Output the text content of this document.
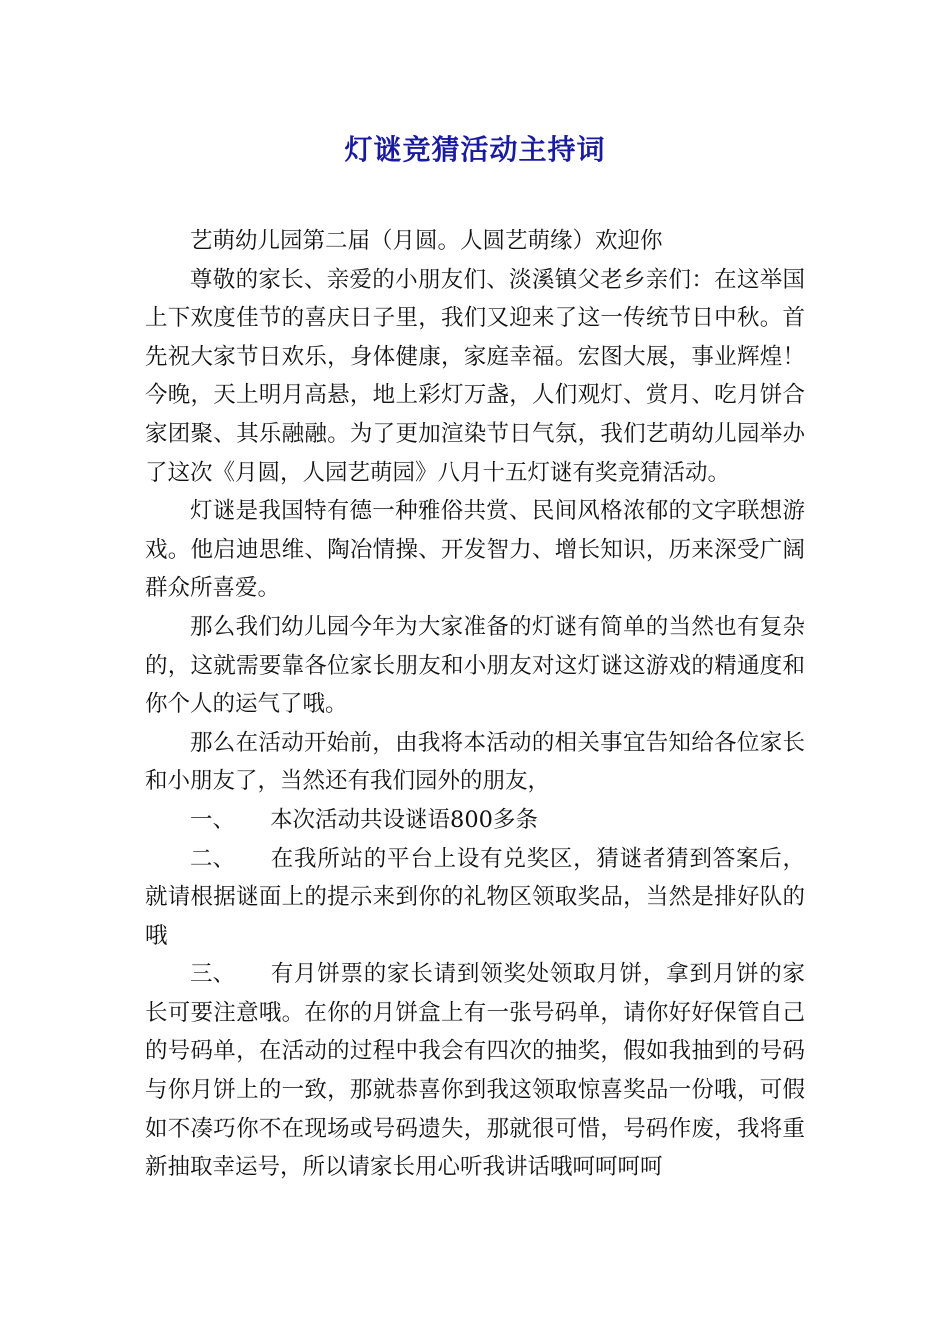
灯谜竞猜活动主持词

艺萌幼儿园第二届（月圆。人圆艺萌缘）欢迎你

尊敬的家长、亲爱的小朋友们、淡溪镇父老乡亲们：在这举国上下欢度佳节的喜庆日子里，我们又迎来了这一传统节日中秋。首先祝大家节日欢乐，身体健康，家庭幸福。宏图大展，事业辉煌！今晚，天上明月高悬，地上彩灯万盏，人们观灯、赏月、吃月饼合家团聚、其乐融融。为了更加渲染节日气氛，我们艺萌幼儿园举办了这次《月圆，人园艺萌园》八月十五灯谜有奖竞猜活动。

灯谜是我国特有德一种雅俗共赏、民间风格浓郁的文字联想游戏。他启迪思维、陶冶情操、开发智力、增长知识，历来深受广阔群众所喜爱。

那么我们幼儿园今年为大家准备的灯谜有简单的当然也有复杂的，这就需要靠各位家长朋友和小朋友对这灯谜这游戏的精通度和你个人的运气了哦。

那么在活动开始前，由我将本活动的相关事宜告知给各位家长和小朋友了，当然还有我们园外的朋友，

一、 本次活动共设谜语800多条
二、 在我所站的平台上设有兑奖区，猜谜者猜到答案后，就请根据谜面上的提示来到你的礼物区领取奖品，当然是排好队的哦
三、 有月饼票的家长请到领奖处领取月饼，拿到月饼的家长可要注意哦。在你的月饼盒上有一张号码单，请你好好保管自己的号码单，在活动的过程中我会有四次的抽奖，假如我抽到的号码与你月饼上的一致，那就恭喜你到我这领取惊喜奖品一份哦，可假如不凑巧你不在现场或号码遗失，那就很可惜，号码作废，我将重新抽取幸运号，所以请家长用心听我讲话哦呵呵呵呵
